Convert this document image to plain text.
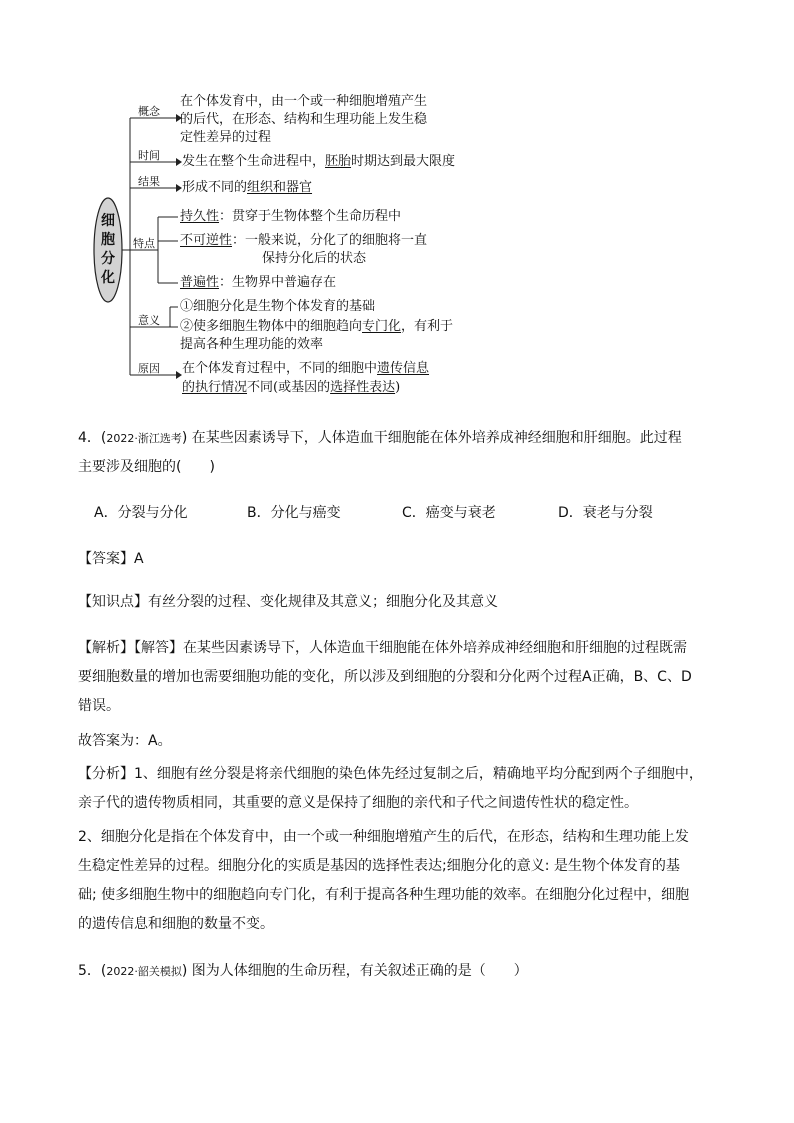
细胞分化
概念
时间
结果
特点
意义
原因
在个体发育中，由一个或一种细胞增殖产生
的后代，在形态、结构和生理功能上发生稳
定性差异的过程
发生在整个生命进程中，胚胎时期达到最大限度
形成不同的组织和器官
持久性：贯穿于生物体整个生命历程中
不可逆性：一般来说，分化了的细胞将一直
保持分化后的状态
普遍性：生物界中普遍存在
①细胞分化是生物个体发育的基础
②使多细胞生物体中的细胞趋向专门化，有利于
提高各种生理功能的效率
在个体发育过程中，不同的细胞中遗传信息
的执行情况不同(或基因的选择性表达)
4．(2022·浙江选考) 在某些因素诱导下，人体造血干细胞能在体外培养成神经细胞和肝细胞。此过程
主要涉及细胞的(　　)
A．分裂与分化	B．分化与癌变	C．癌变与衰老	D．衰老与分裂
【答案】A
【知识点】有丝分裂的过程、变化规律及其意义；细胞分化及其意义
【解析】【解答】在某些因素诱导下，人体造血干细胞能在体外培养成神经细胞和肝细胞的过程既需
要细胞数量的增加也需要细胞功能的变化，所以涉及到细胞的分裂和分化两个过程A正确，B、C、D
错误。
故答案为：A。
【分析】1、细胞有丝分裂是将亲代细胞的染色体先经过复制之后，精确地平均分配到两个子细胞中，
亲子代的遗传物质相同，其重要的意义是保持了细胞的亲代和子代之间遗传性状的稳定性。
2、细胞分化是指在个体发育中，由一个或一种细胞增殖产生的后代，在形态，结构和生理功能上发
生稳定性差异的过程。细胞分化的实质是基因的选择性表达;细胞分化的意义: 是生物个体发育的基
础; 使多细胞生物中的细胞趋向专门化，有利于提高各种生理功能的效率。在细胞分化过程中，细胞
的遗传信息和细胞的数量不变。
5．(2022·韶关模拟) 图为人体细胞的生命历程，有关叙述正确的是（　　）
